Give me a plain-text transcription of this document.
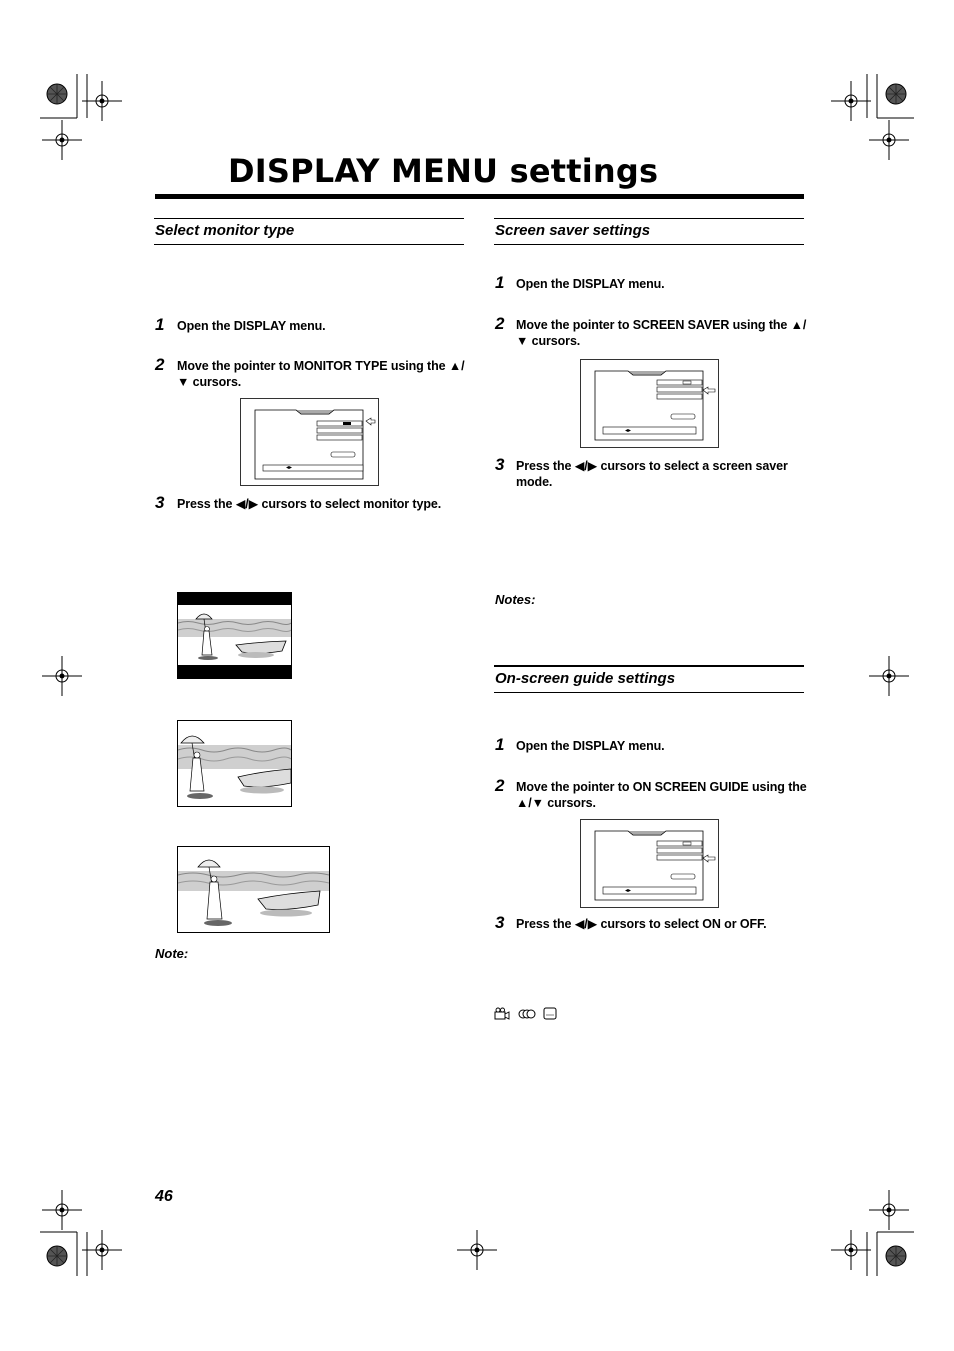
DISPLAY MENU settings
Select monitor type
1	Open the DISPLAY menu.
2	Move the pointer to MONITOR TYPE using the ▲/▼ cursors.
◂▸
3	Press the ◀/▶ cursors to select monitor type.
Note:
Screen saver settings
1 Open the DISPLAY menu.
2 Move the pointer to SCREEN SAVER using the ▲/▼ cursors.
◂▸
3 Press the ◀/▶ cursors to select a screen saver mode.
Notes:
On-screen guide settings
1 Open the DISPLAY menu.
2 Move the pointer to ON SCREEN GUIDE using the ▲/▼ cursors.
◂▸
3 Press the ◀/▶ cursors to select ON or OFF.
46
